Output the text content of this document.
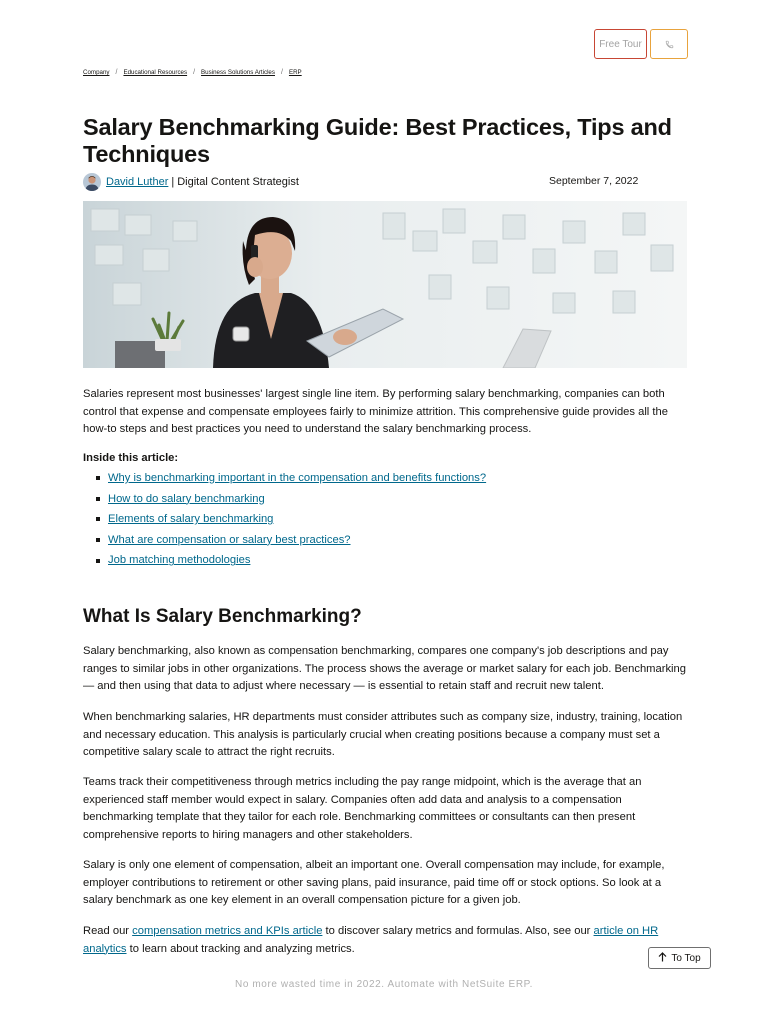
Free Tour
Company / Educational Resources / Business Solutions Articles / ERP
Salary Benchmarking Guide: Best Practices, Tips and Techniques
David Luther | Digital Content Strategist	September 7, 2022

Salaries represent most businesses' largest single line item. By performing salary benchmarking, companies can both control that expense and compensate employees fairly to minimize attrition. This comprehensive guide provides all the how-to steps and best practices you need to understand the salary benchmarking process.

Inside this article:
Why is benchmarking important in the compensation and benefits functions?
How to do salary benchmarking
Elements of salary benchmarking
What are compensation or salary best practices?
Job matching methodologies
What Is Salary Benchmarking?

Salary benchmarking, also known as compensation benchmarking, compares one company's job descriptions and pay ranges to similar jobs in other organizations. The process shows the average or market salary for each job. Benchmarking — and then using that data to adjust where necessary — is essential to retain staff and recruit new talent.

When benchmarking salaries, HR departments must consider attributes such as company size, industry, training, location and necessary education. This analysis is particularly crucial when creating positions because a company must set a competitive salary scale to attract the right recruits.

Teams track their competitiveness through metrics including the pay range midpoint, which is the average that an experienced staff member would expect in salary. Companies often add data and analysis to a compensation benchmarking template that they tailor for each role. Benchmarking committees or consultants can then present comprehensive reports to hiring managers and other stakeholders.

Salary is only one element of compensation, albeit an important one. Overall compensation may include, for example, employer contributions to retirement or other saving plans, paid insurance, paid time off or stock options. So look at a salary benchmark as one key element in an overall compensation picture for a given job.

Read our compensation metrics and KPIs article to discover salary metrics and formulas. Also, see our article on HR analytics to learn about tracking and analyzing metrics.

To Top
No more wasted time in 2022. Automate with NetSuite ERP.
